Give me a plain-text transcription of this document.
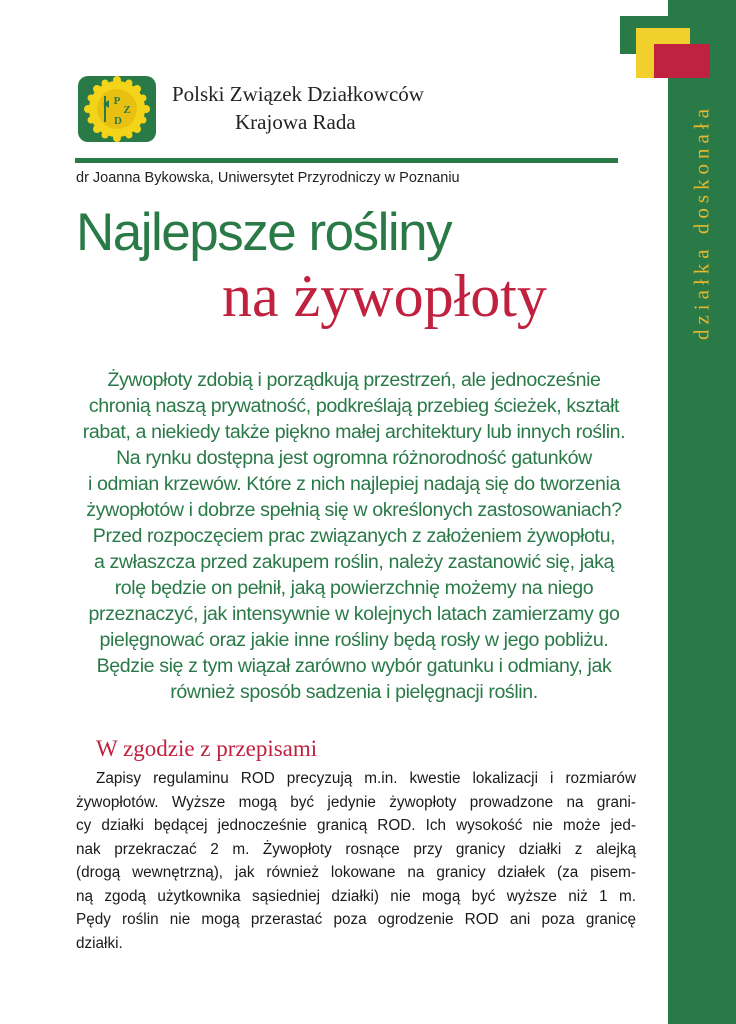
działka doskonała
P
Z
D
Polski Związek Działkowców
Krajowa Rada
dr Joanna Bykowska, Uniwersytet Przyrodniczy w Poznaniu
Najlepsze rośliny
na żywopłoty
Żywopłoty zdobią i porządkują przestrzeń, ale jednocześnie
chronią naszą prywatność, podkreślają przebieg ścieżek, kształt
rabat, a niekiedy także piękno małej architektury lub innych roślin.
Na rynku dostępna jest ogromna różnorodność gatunków
i odmian krzewów. Które z nich najlepiej nadają się do tworzenia
żywopłotów i dobrze spełnią się w określonych zastosowaniach?
Przed rozpoczęciem prac związanych z założeniem żywopłotu,
a zwłaszcza przed zakupem roślin, należy zastanowić się, jaką
rolę będzie on pełnił, jaką powierzchnię możemy na niego
przeznaczyć, jak intensywnie w kolejnych latach zamierzamy go
pielęgnować oraz jakie inne rośliny będą rosły w jego pobliżu.
Będzie się z tym wiązał zarówno wybór gatunku i odmiany, jak
również sposób sadzenia i pielęgnacji roślin.
W zgodzie z przepisami
Zapisy regulaminu ROD precyzują m.in. kwestie lokalizacji i rozmiarów
żywopłotów. Wyższe mogą być jedynie żywopłoty prowadzone na grani-
cy działki będącej jednocześnie granicą ROD. Ich wysokość nie może jed-
nak przekraczać 2 m. Żywopłoty rosnące przy granicy działki z alejką
(drogą wewnętrzną), jak również lokowane na granicy działek (za pisem-
ną zgodą użytkownika sąsiedniej działki) nie mogą być wyższe niż 1 m.
Pędy roślin nie mogą przerastać poza ogrodzenie ROD ani poza granicę
działki.
